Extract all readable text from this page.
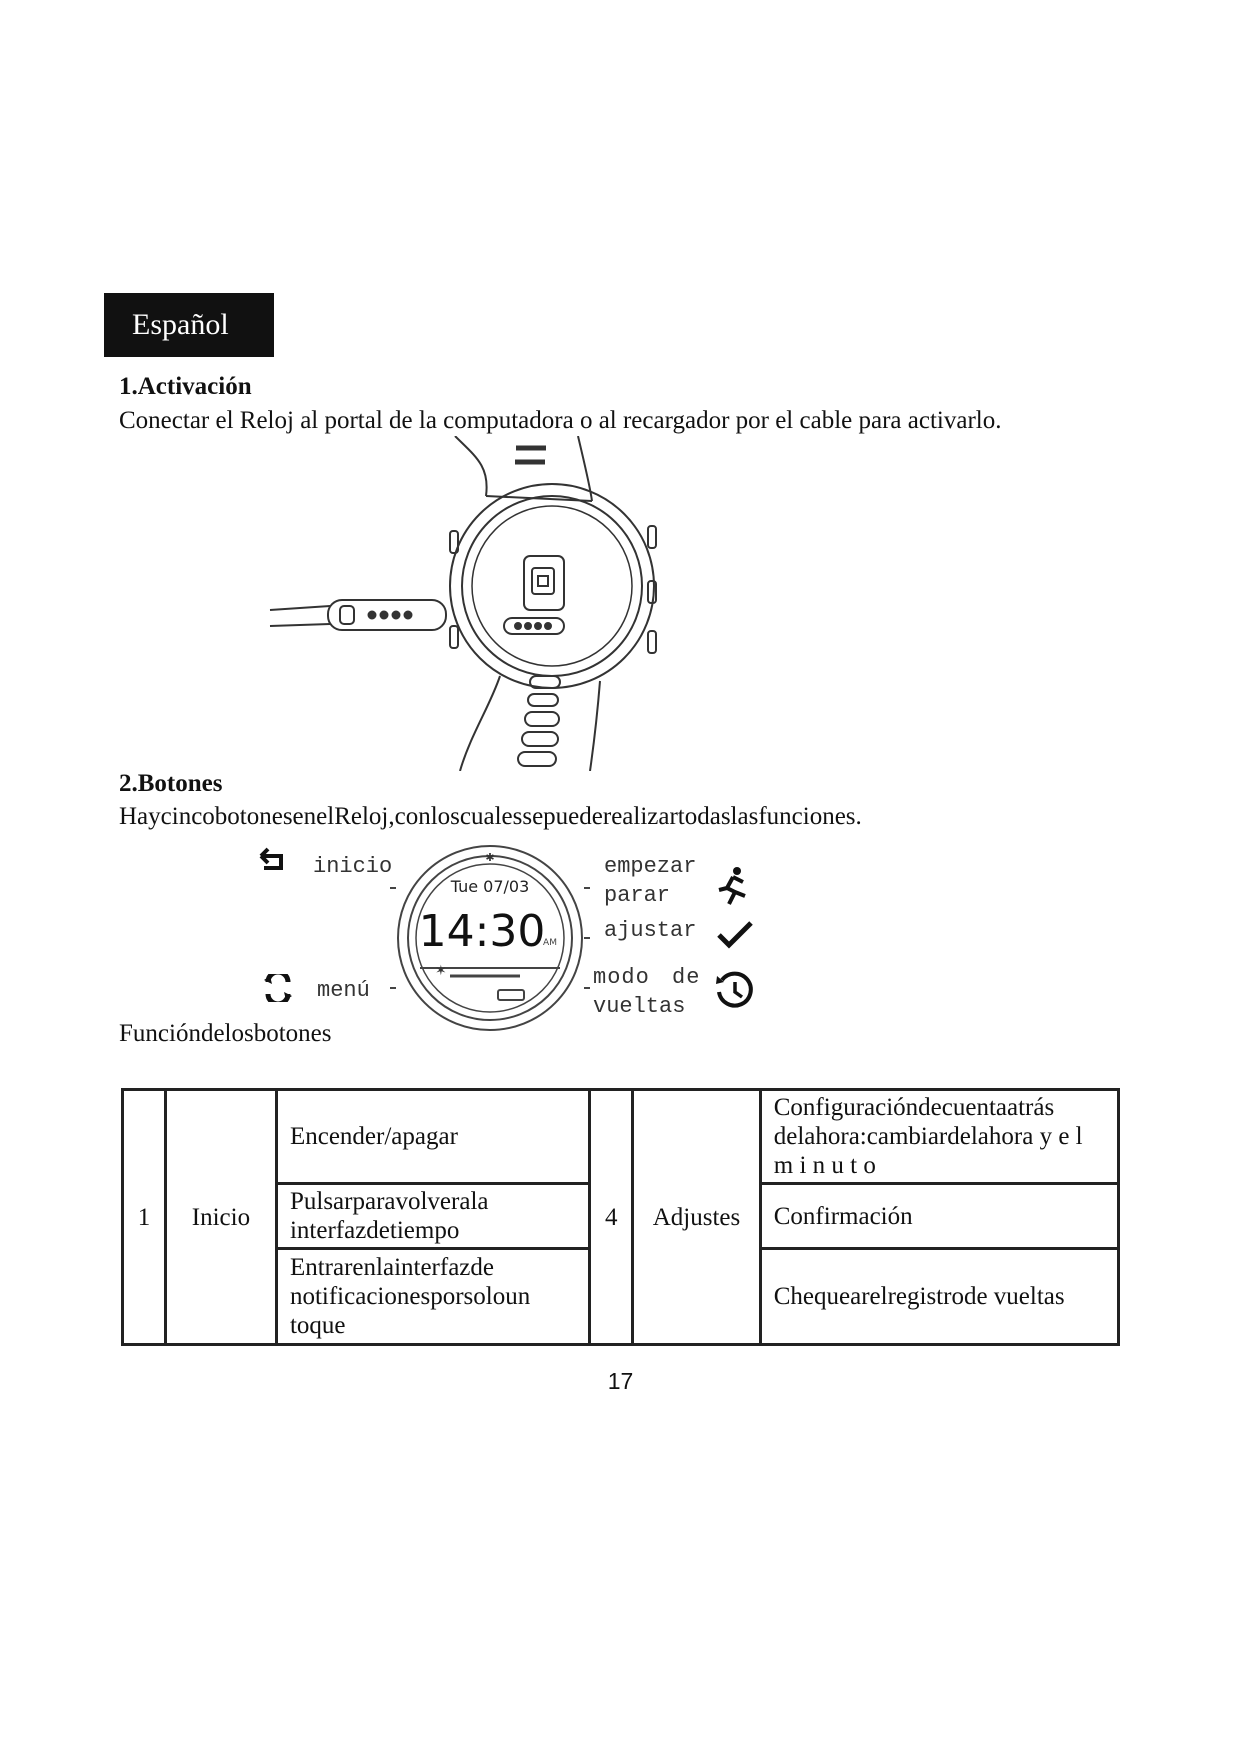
Español
1.Activación
Conectar el Reloj al portal de la computadora o al recargador por el cable para activarlo.
2.Botones
HaycincobotonesenelReloj,conloscualessepuederealizartodaslasfunciones.
inicio
menú
✱
Tue 07/03
14:30
AM
✶
empezar
parar
ajustar
modo de
vueltas
Funcióndelosbotones
1	Inicio	Encender/apagar	4	Adjustes	Configuracióndecuentaatrás delahora:cambiardelahora y e l m i n u t o
		Pulsarparavolverala interfazdetiempo			Confirmación
		Entrarenlainterfazde notificacionesporsoloun toque			Chequearelregistrode vueltas
17
